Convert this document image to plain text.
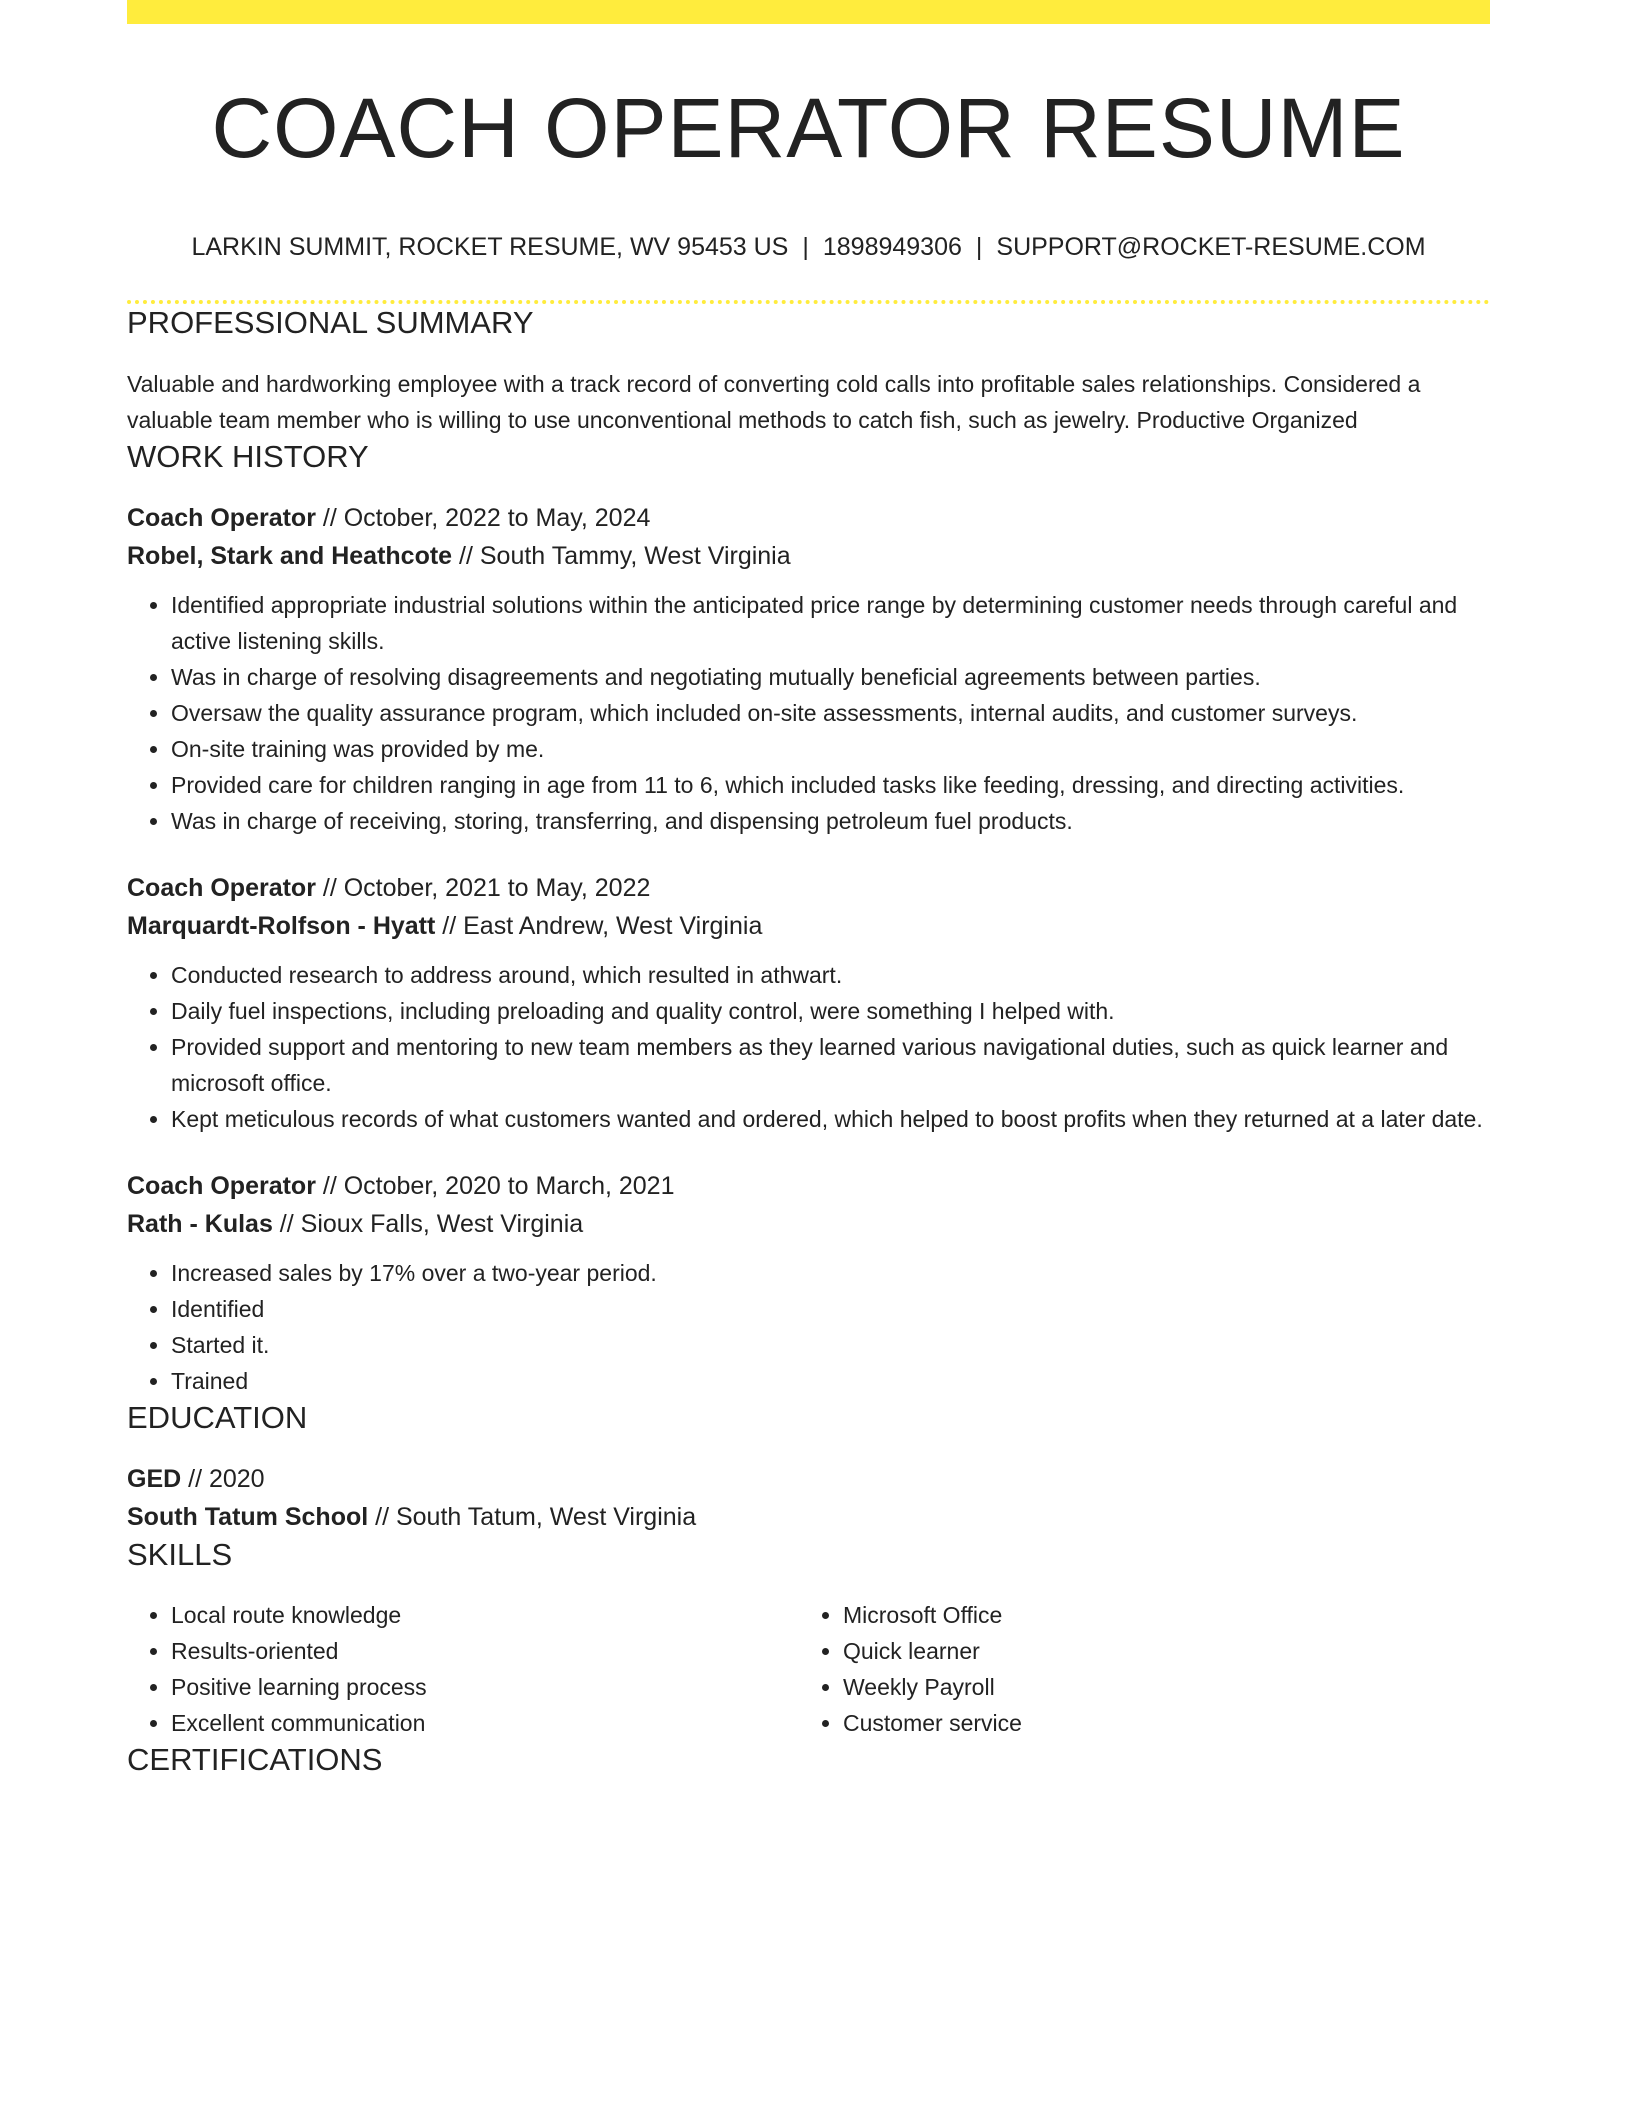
COACH OPERATOR RESUME
LARKIN SUMMIT, ROCKET RESUME, WV 95453 US | 1898949306 | SUPPORT@ROCKET-RESUME.COM
PROFESSIONAL SUMMARY
Valuable and hardworking employee with a track record of converting cold calls into profitable sales relationships. Considered a valuable team member who is willing to use unconventional methods to catch fish, such as jewelry. Productive Organized
WORK HISTORY
Coach Operator // October, 2022 to May, 2024
Robel, Stark and Heathcote // South Tammy, West Virginia
• Identified appropriate industrial solutions within the anticipated price range by determining customer needs through careful and active listening skills.
• Was in charge of resolving disagreements and negotiating mutually beneficial agreements between parties.
• Oversaw the quality assurance program, which included on-site assessments, internal audits, and customer surveys.
• On-site training was provided by me.
• Provided care for children ranging in age from 11 to 6, which included tasks like feeding, dressing, and directing activities.
• Was in charge of receiving, storing, transferring, and dispensing petroleum fuel products.
Coach Operator // October, 2021 to May, 2022
Marquardt-Rolfson - Hyatt // East Andrew, West Virginia
• Conducted research to address around, which resulted in athwart.
• Daily fuel inspections, including preloading and quality control, were something I helped with.
• Provided support and mentoring to new team members as they learned various navigational duties, such as quick learner and microsoft office.
• Kept meticulous records of what customers wanted and ordered, which helped to boost profits when they returned at a later date.
Coach Operator // October, 2020 to March, 2021
Rath - Kulas // Sioux Falls, West Virginia
• Increased sales by 17% over a two-year period.
• Identified
• Started it.
• Trained
EDUCATION
GED // 2020
South Tatum School // South Tatum, West Virginia
SKILLS
• Local route knowledge
• Results-oriented
• Positive learning process
• Excellent communication
• Microsoft Office
• Quick learner
• Weekly Payroll
• Customer service
CERTIFICATIONS
